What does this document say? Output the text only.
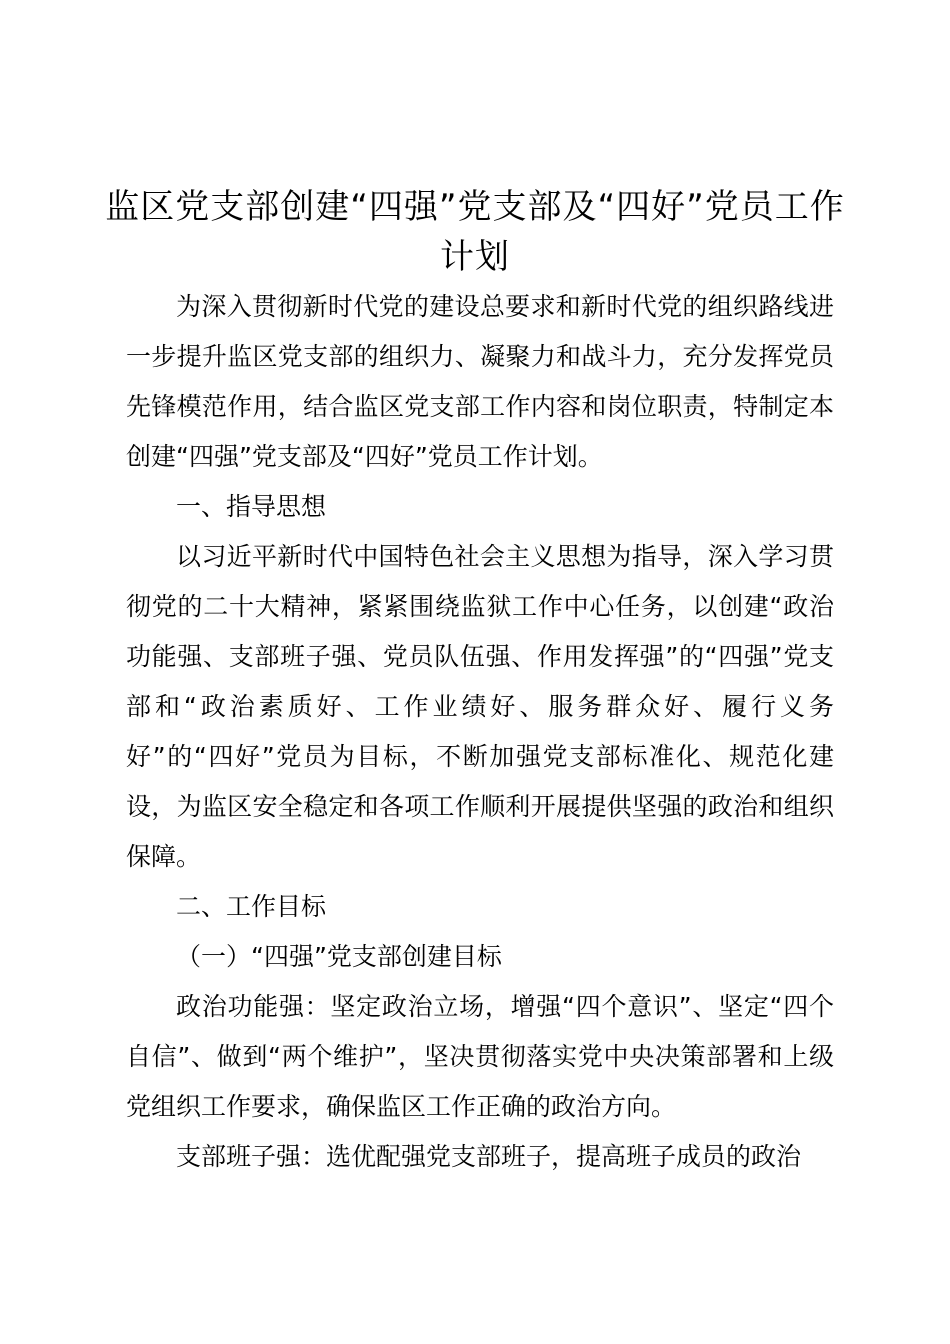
监区党支部创建“四强”党支部及“四好”党员工作计划

为深入贯彻新时代党的建设总要求和新时代党的组织路线进一步提升监区党支部的组织力、凝聚力和战斗力，充分发挥党员先锋模范作用，结合监区党支部工作内容和岗位职责，特制定本创建“四强”党支部及“四好”党员工作计划。

一、指导思想

以习近平新时代中国特色社会主义思想为指导，深入学习贯彻党的二十大精神，紧紧围绕监狱工作中心任务，以创建“政治功能强、支部班子强、党员队伍强、作用发挥强”的“四强”党支部和“政治素质好、工作业绩好、服务群众好、履行义务好”的“四好”党员为目标，不断加强党支部标准化、规范化建设，为监区安全稳定和各项工作顺利开展提供坚强的政治和组织保障。

二、工作目标

（一）“四强”党支部创建目标

政治功能强：坚定政治立场，增强“四个意识”、坚定“四个自信”、做到“两个维护”，坚决贯彻落实党中央决策部署和上级党组织工作要求，确保监区工作正确的政治方向。

支部班子强：选优配强党支部班子，提高班子成员的政治
